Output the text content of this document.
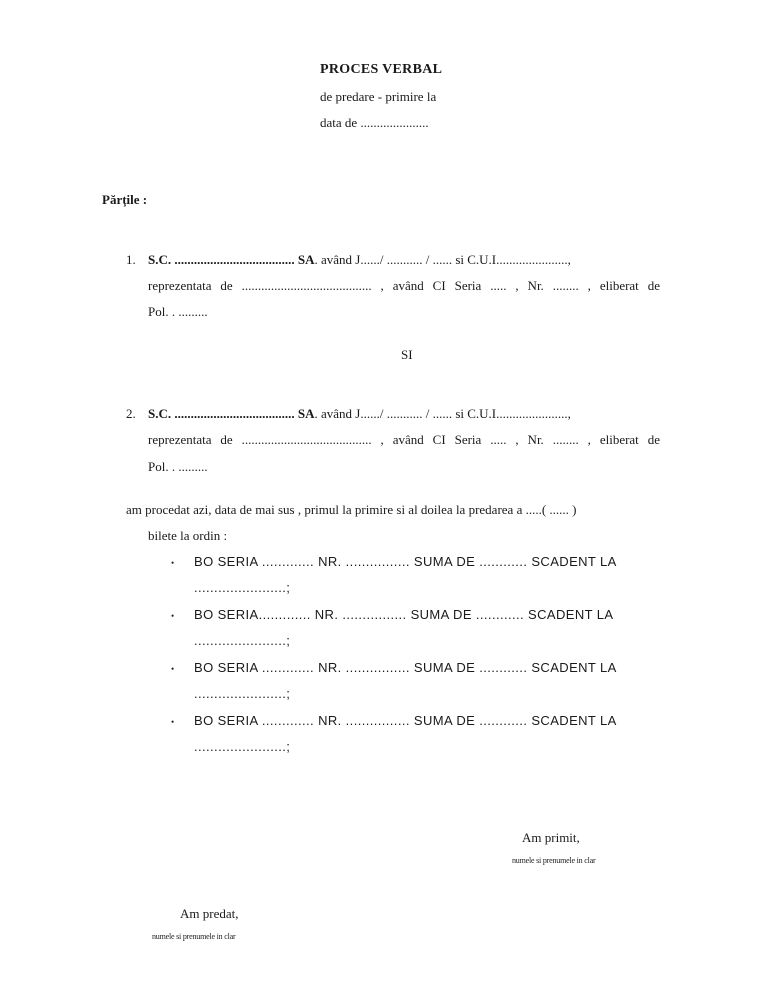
PROCES VERBAL
de predare - primire la
data de .....................
Părțile :
1. S.C. ..................................... SA. având J....../ ........... / ...... si C.U.I......................,
reprezentata de ........................................ , având CI Seria ..... , Nr. ........ , eliberat de
Pol. . .........
SI
2. S.C. ..................................... SA. având J....../ ........... / ...... si C.U.I......................,
reprezentata de ........................................ , având CI Seria ..... , Nr. ........ , eliberat de
Pol. . .........
am procedat azi, data de mai sus , primul la primire si al doilea la predarea a .....( ...... )
bilete la ordin :
• BO SERIA ............. NR. ................ SUMA DE ............ SCADENT LA
.......................;
• BO SERIA............. NR. ................ SUMA DE ............ SCADENT LA
.......................;
• BO SERIA ............. NR. ................ SUMA DE ............ SCADENT LA
.......................;
• BO SERIA ............. NR. ................ SUMA DE ............ SCADENT LA
.......................;
Am primit,
numele si prenumele in clar
Am predat,
numele si prenumele in clar
